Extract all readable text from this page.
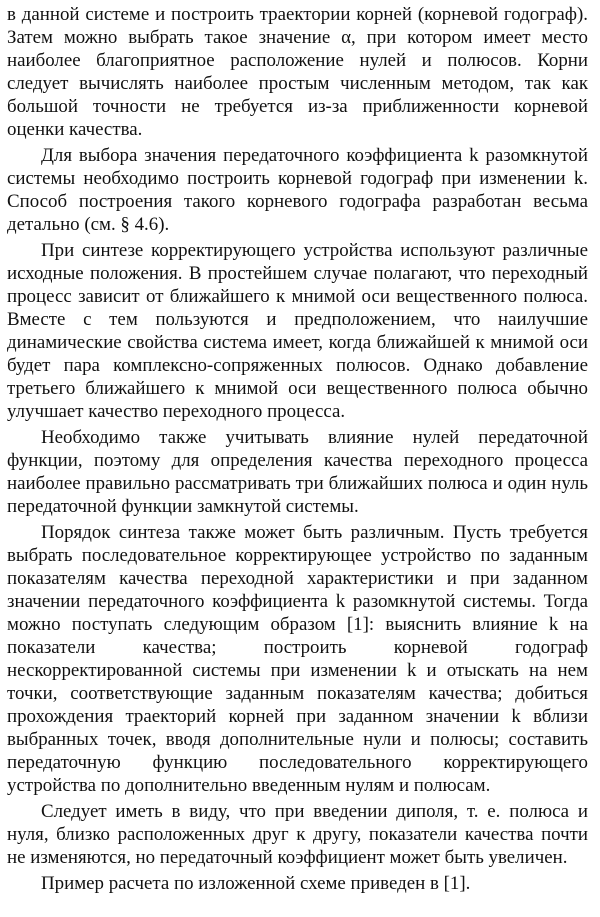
в данной системе и построить траектории корней (корневой годограф). Затем можно выбрать такое значение α, при котором имеет место наиболее благоприятное расположение нулей и полюсов. Корни следует вычислять наиболее простым численным методом, так как большой точности не требуется из-за приближенности корневой оценки качества.

Для выбора значения передаточного коэффициента k разомкнутой системы необходимо построить корневой годограф при изменении k. Способ построения такого корневого годографа разработан весьма детально (см. § 4.6).

При синтезе корректирующего устройства используют различные исходные положения. В простейшем случае полагают, что переходный процесс зависит от ближайшего к мнимой оси вещественного полюса. Вместе с тем пользуются и предположением, что наилучшие динамические свойства система имеет, когда ближайшей к мнимой оси будет пара комплексно-сопряженных полюсов. Однако добавление третьего ближайшего к мнимой оси вещественного полюса обычно улучшает качество переходного процесса.

Необходимо также учитывать влияние нулей передаточной функции, поэтому для определения качества переходного процесса наиболее правильно рассматривать три ближайших полюса и один нуль передаточной функции замкнутой системы.

Порядок синтеза также может быть различным. Пусть требуется выбрать последовательное корректирующее устройство по заданным показателям качества переходной характеристики и при заданном значении передаточного коэффициента k разомкнутой системы. Тогда можно поступать следующим образом [1]: выяснить влияние k на показатели качества; построить корневой годограф нескорректированной системы при изменении k и отыскать на нем точки, соответствующие заданным показателям качества; добиться прохождения траекторий корней при заданном значении k вблизи выбранных точек, вводя дополнительные нули и полюсы; составить передаточную функцию последовательного корректирующего устройства по дополнительно введенным нулям и полюсам.

Следует иметь в виду, что при введении диполя, т. е. полюса и нуля, близко расположенных друг к другу, показатели качества почти не изменяются, но передаточный коэффициент может быть увеличен.

Пример расчета по изложенной схеме приведен в [1].
